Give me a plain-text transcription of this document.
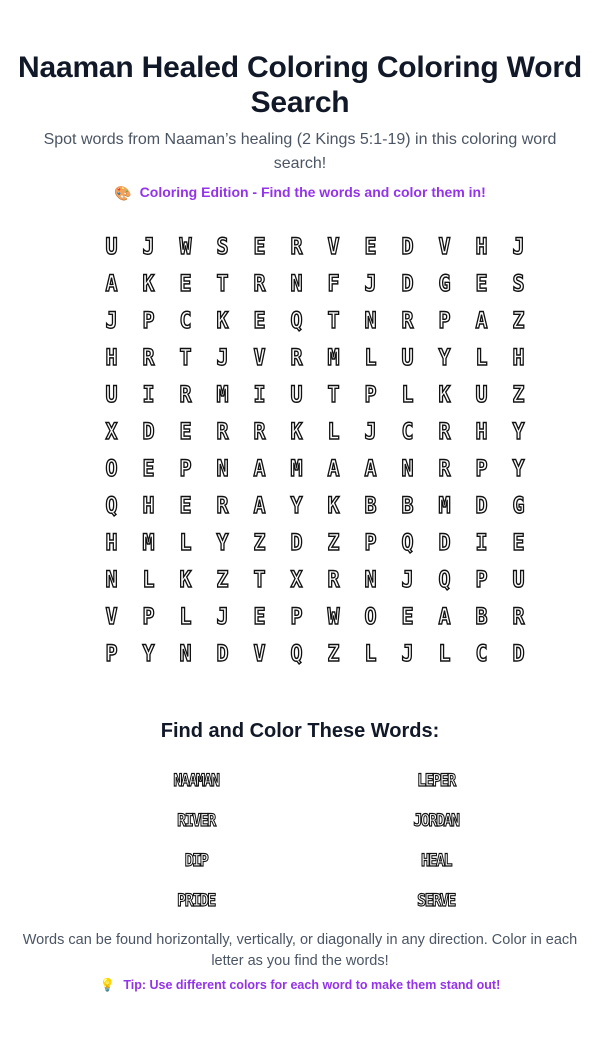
Naaman Healed Coloring Coloring Word Search

Spot words from Naaman’s healing (2 Kings 5:1-19) in this coloring word search!

🎨 Coloring Edition - Find the words and color them in!
U	J	W	S	E	R	V	E	D	V	H	J
A	K	E	T	R	N	F	J	D	G	E	S
J	P	C	K	E	Q	T	N	R	P	A	Z
H	R	T	J	V	R	M	L	U	Y	L	H
U	I	R	M	I	U	T	P	L	K	U	Z
X	D	E	R	R	K	L	J	C	R	H	Y
O	E	P	N	A	M	A	A	N	R	P	Y
Q	H	E	R	A	Y	K	B	B	M	D	G
H	M	L	Y	Z	D	Z	P	Q	D	I	E
N	L	K	Z	T	X	R	N	J	Q	P	U
V	P	L	J	E	P	W	O	E	A	B	R
P	Y	N	D	V	Q	Z	L	J	L	C	D
Find and Color These Words:
NAAMAN	LEPER
RIVER	JORDAN
DIP	HEAL
PRIDE	SERVE

Words can be found horizontally, vertically, or diagonally in any direction. Color in each letter as you find the words!

💡 Tip: Use different colors for each word to make them stand out!
